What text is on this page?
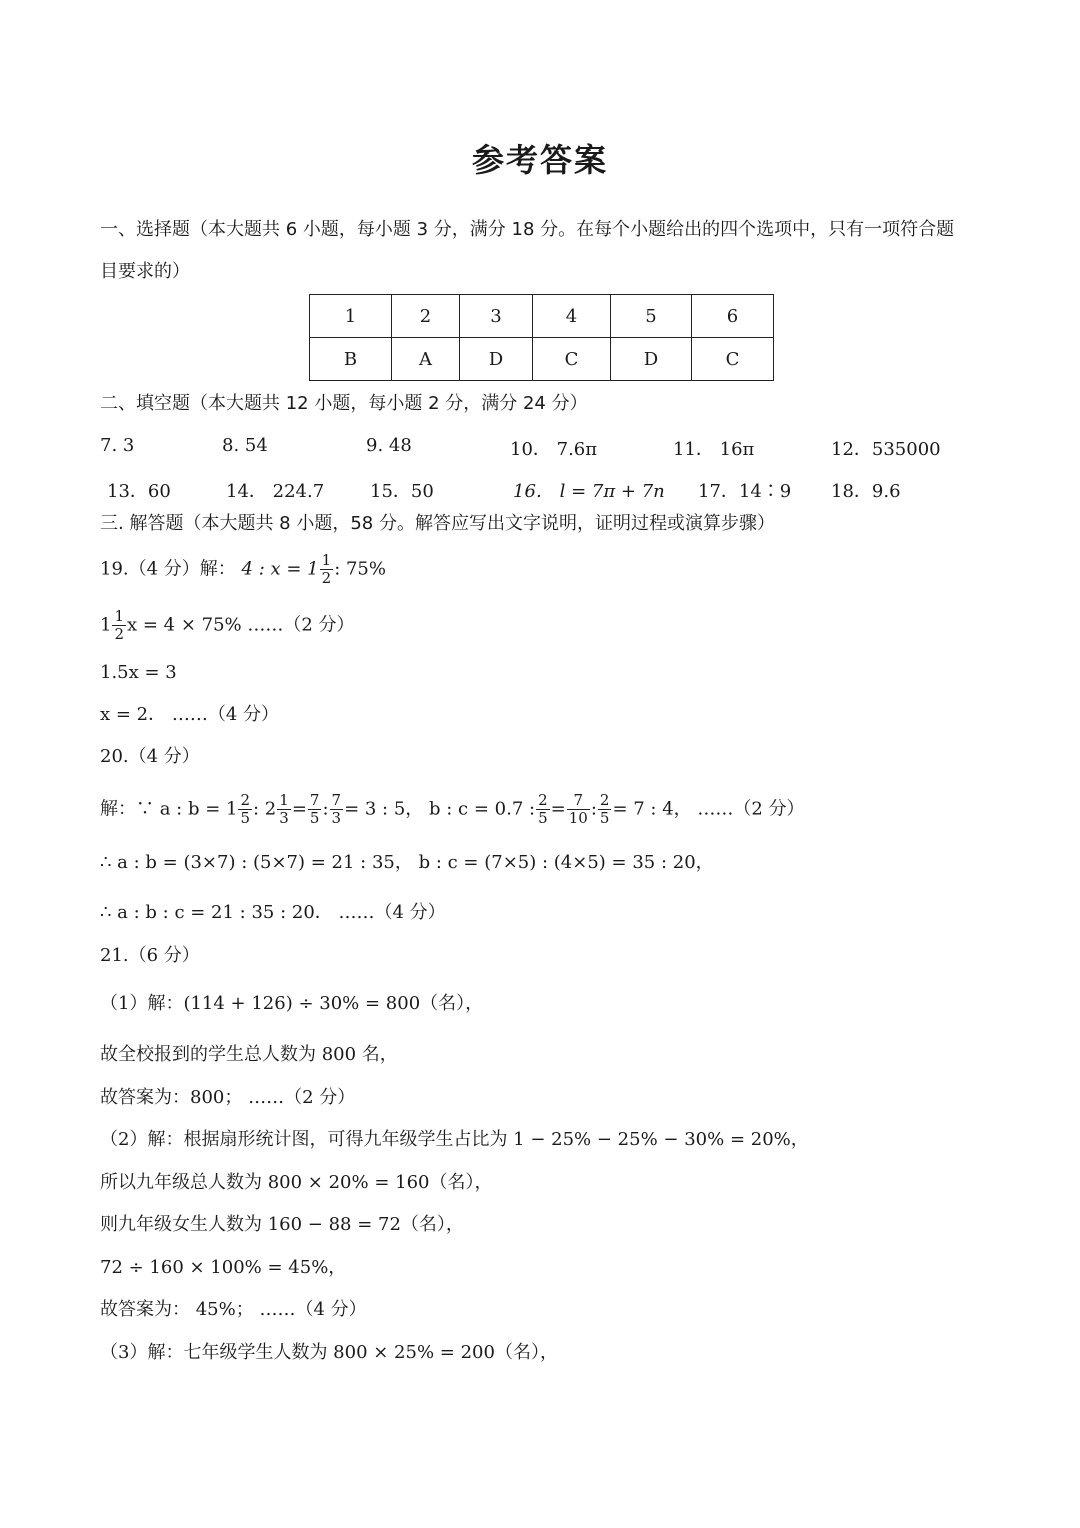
参考答案
一、选择题（本大题共 6 小题，每小题 3 分，满分 18 分。在每个小题给出的四个选项中，只有一项符合题
目要求的）
1	2	3	4	5	6
B	A	D	C	D	C
二、填空题（本大题共 12 小题，每小题 2 分，满分 24 分）
7. 3	8. 54	9. 48	10． 7.6π	11． 16π	12．535000
13．60	14． 224.7	15．50	16． l = 7π + 7n 17．14∶9 18．9.6
三. 解答题（本大题共 8 小题，58 分。解答应写出文字说明，证明过程或演算步骤）
19.（4 分）解： 4 : $x = 1 \frac{1}{2}$ : 75%
$1 \frac{1}{2}$ x = 4 × 75% ……（2 分）
1.5x = 3
x = 2． ……（4 分）
20.（4 分）
解：∵ a : $b = 1 \frac{2}{5}$ : $2 \frac{1}{3} = \frac{7}{5}$ : $\frac{7}{3} = 3$ : 5， b : c = 0.7 : $\frac{2}{5} = \frac{7}{10}$ : $\frac{2}{5} = 7$ : 4， ……（2 分）
∴ a : b = (3×7) : (5×7) = 21 : 35， b : c = (7×5) : (4×5) = 35 : 20，
∴ a : b : c = 21 : 35 : 20． ……（4 分）
21.（6 分）
（1）解：(114 + 126) ÷ 30% = 800（名），
故全校报到的学生总人数为 800 名，
故答案为：800； ……（2 分）
（2）解：根据扇形统计图，可得九年级学生占比为 1 − 25% − 25% − 30% = 20%，
所以九年级总人数为 800 × 20% = 160（名），
则九年级女生人数为 160 − 88 = 72（名），
72 ÷ 160 × 100% = 45%，
故答案为： 45%； ……（4 分）
（3）解：七年级学生人数为 800 × 25% = 200（名），
